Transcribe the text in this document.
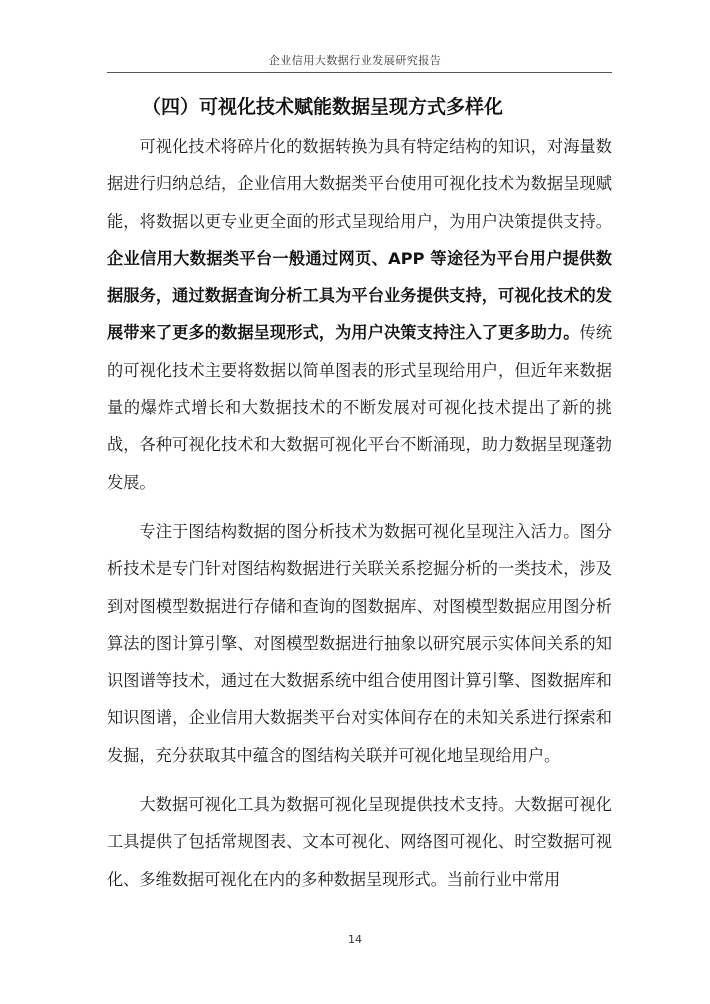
企业信用大数据行业发展研究报告
（四）可视化技术赋能数据呈现方式多样化

可视化技术将碎片化的数据转换为具有特定结构的知识，对海量数据进行归纳总结，企业信用大数据类平台使用可视化技术为数据呈现赋能，将数据以更专业更全面的形式呈现给用户，为用户决策提供支持。企业信用大数据类平台一般通过网页、APP 等途径为平台用户提供数据服务，通过数据查询分析工具为平台业务提供支持，可视化技术的发展带来了更多的数据呈现形式，为用户决策支持注入了更多助力。传统的可视化技术主要将数据以简单图表的形式呈现给用户，但近年来数据量的爆炸式增长和大数据技术的不断发展对可视化技术提出了新的挑战，各种可视化技术和大数据可视化平台不断涌现，助力数据呈现蓬勃发展。

专注于图结构数据的图分析技术为数据可视化呈现注入活力。图分析技术是专门针对图结构数据进行关联关系挖掘分析的一类技术，涉及到对图模型数据进行存储和查询的图数据库、对图模型数据应用图分析算法的图计算引擎、对图模型数据进行抽象以研究展示实体间关系的知识图谱等技术，通过在大数据系统中组合使用图计算引擎、图数据库和知识图谱，企业信用大数据类平台对实体间存在的未知关系进行探索和发掘，充分获取其中蕴含的图结构关联并可视化地呈现给用户。

大数据可视化工具为数据可视化呈现提供技术支持。大数据可视化工具提供了包括常规图表、文本可视化、网络图可视化、时空数据可视化、多维数据可视化在内的多种数据呈现形式。当前行业中常用

14
